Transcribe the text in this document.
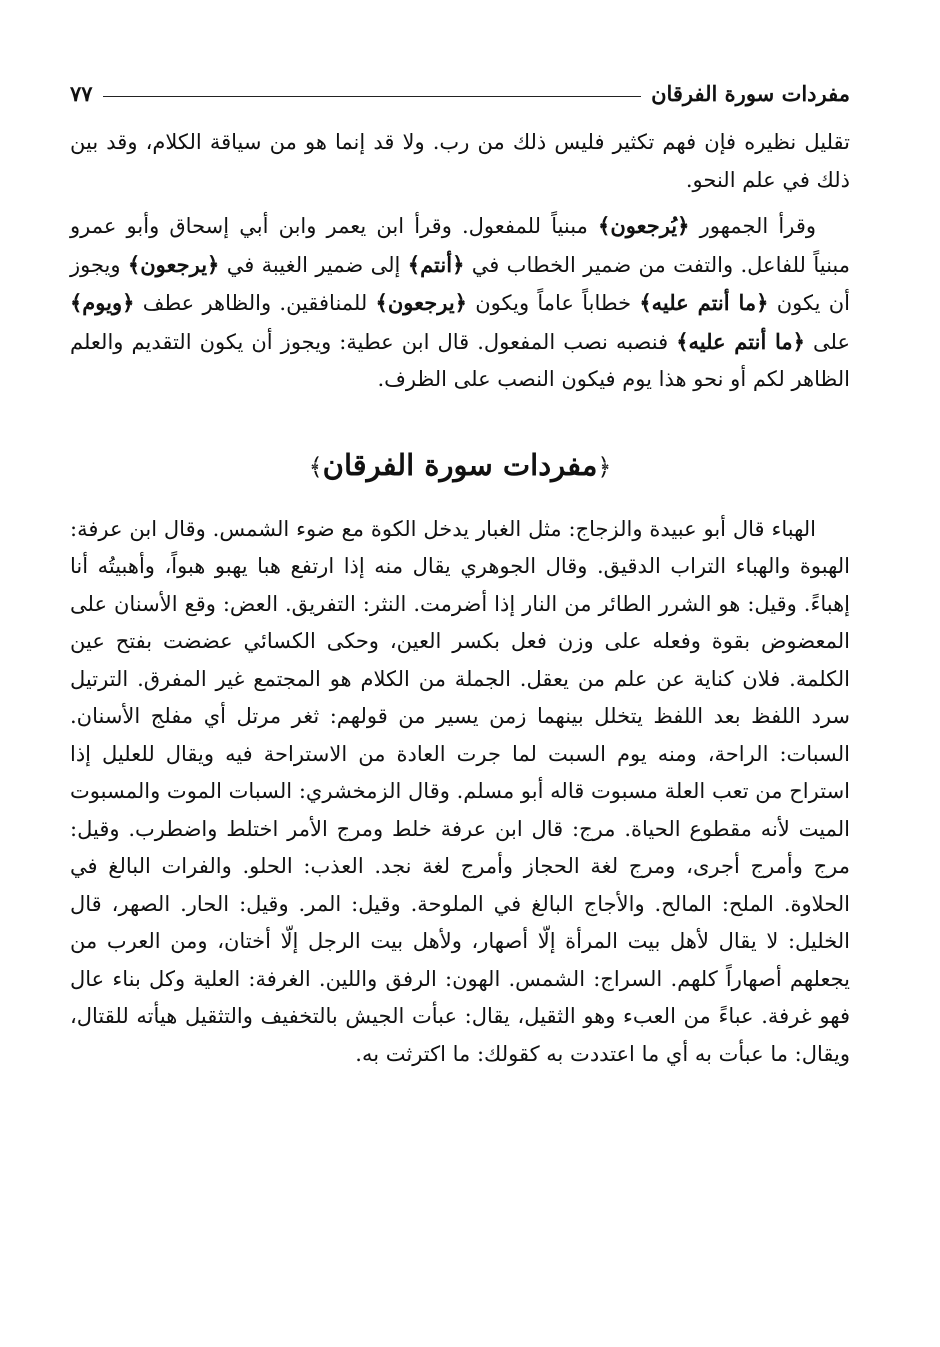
مفردات سورة الفرقان
٧٧

تقليل نظيره فإن فهم تكثير فليس ذلك من رب. ولا قد إنما هو من سياقة الكلام، وقد بين ذلك في علم النحو.

وقرأ الجمهور ﴿يُرجعون﴾ مبنياً للمفعول. وقرأ ابن يعمر وابن أبي إسحاق وأبو عمرو مبنياً للفاعل. والتفت من ضمير الخطاب في ﴿أنتم﴾ إلى ضمير الغيبة في ﴿يرجعون﴾ ويجوز أن يكون ﴿ما أنتم عليه﴾ خطاباً عاماً ويكون ﴿يرجعون﴾ للمنافقين. والظاهر عطف ﴿ويوم﴾ على ﴿ما أنتم عليه﴾ فنصبه نصب المفعول. قال ابن عطية: ويجوز أن يكون التقديم والعلم الظاهر لكم أو نحو هذا يوم فيكون النصب على الظرف.

﴿مفردات سورة الفرقان﴾

الهباء قال أبو عبيدة والزجاج: مثل الغبار يدخل الكوة مع ضوء الشمس. وقال ابن عرفة: الهبوة والهباء التراب الدقيق. وقال الجوهري يقال منه إذا ارتفع هبا يهبو هبواً، وأهبيتُه أنا إهباءً. وقيل: هو الشرر الطائر من النار إذا أضرمت. النثر: التفريق. العض: وقع الأسنان على المعضوض بقوة وفعله على وزن فعل بكسر العين، وحكى الكسائي عضضت بفتح عين الكلمة. فلان كناية عن علم من يعقل. الجملة من الكلام هو المجتمع غير المفرق. الترتيل سرد اللفظ بعد اللفظ يتخلل بينهما زمن يسير من قولهم: ثغر مرتل أي مفلج الأسنان. السبات: الراحة، ومنه يوم السبت لما جرت العادة من الاستراحة فيه ويقال للعليل إذا استراح من تعب العلة مسبوت قاله أبو مسلم. وقال الزمخشري: السبات الموت والمسبوت الميت لأنه مقطوع الحياة. مرج: قال ابن عرفة خلط ومرج الأمر اختلط واضطرب. وقيل: مرج وأمرج أجرى، ومرج لغة الحجاز وأمرج لغة نجد. العذب: الحلو. والفرات البالغ في الحلاوة. الملح: المالح. والأجاج البالغ في الملوحة. وقيل: المر. وقيل: الحار. الصهر، قال الخليل: لا يقال لأهل بيت المرأة إلّا أصهار، ولأهل بيت الرجل إلّا أختان، ومن العرب من يجعلهم أصهاراً كلهم. السراج: الشمس. الهون: الرفق واللين. الغرفة: العلية وكل بناء عال فهو غرفة. عباءً من العبء وهو الثقيل، يقال: عبأت الجيش بالتخفيف والتثقيل هيأته للقتال، ويقال: ما عبأت به أي ما اعتددت به كقولك: ما اكترثت به.
